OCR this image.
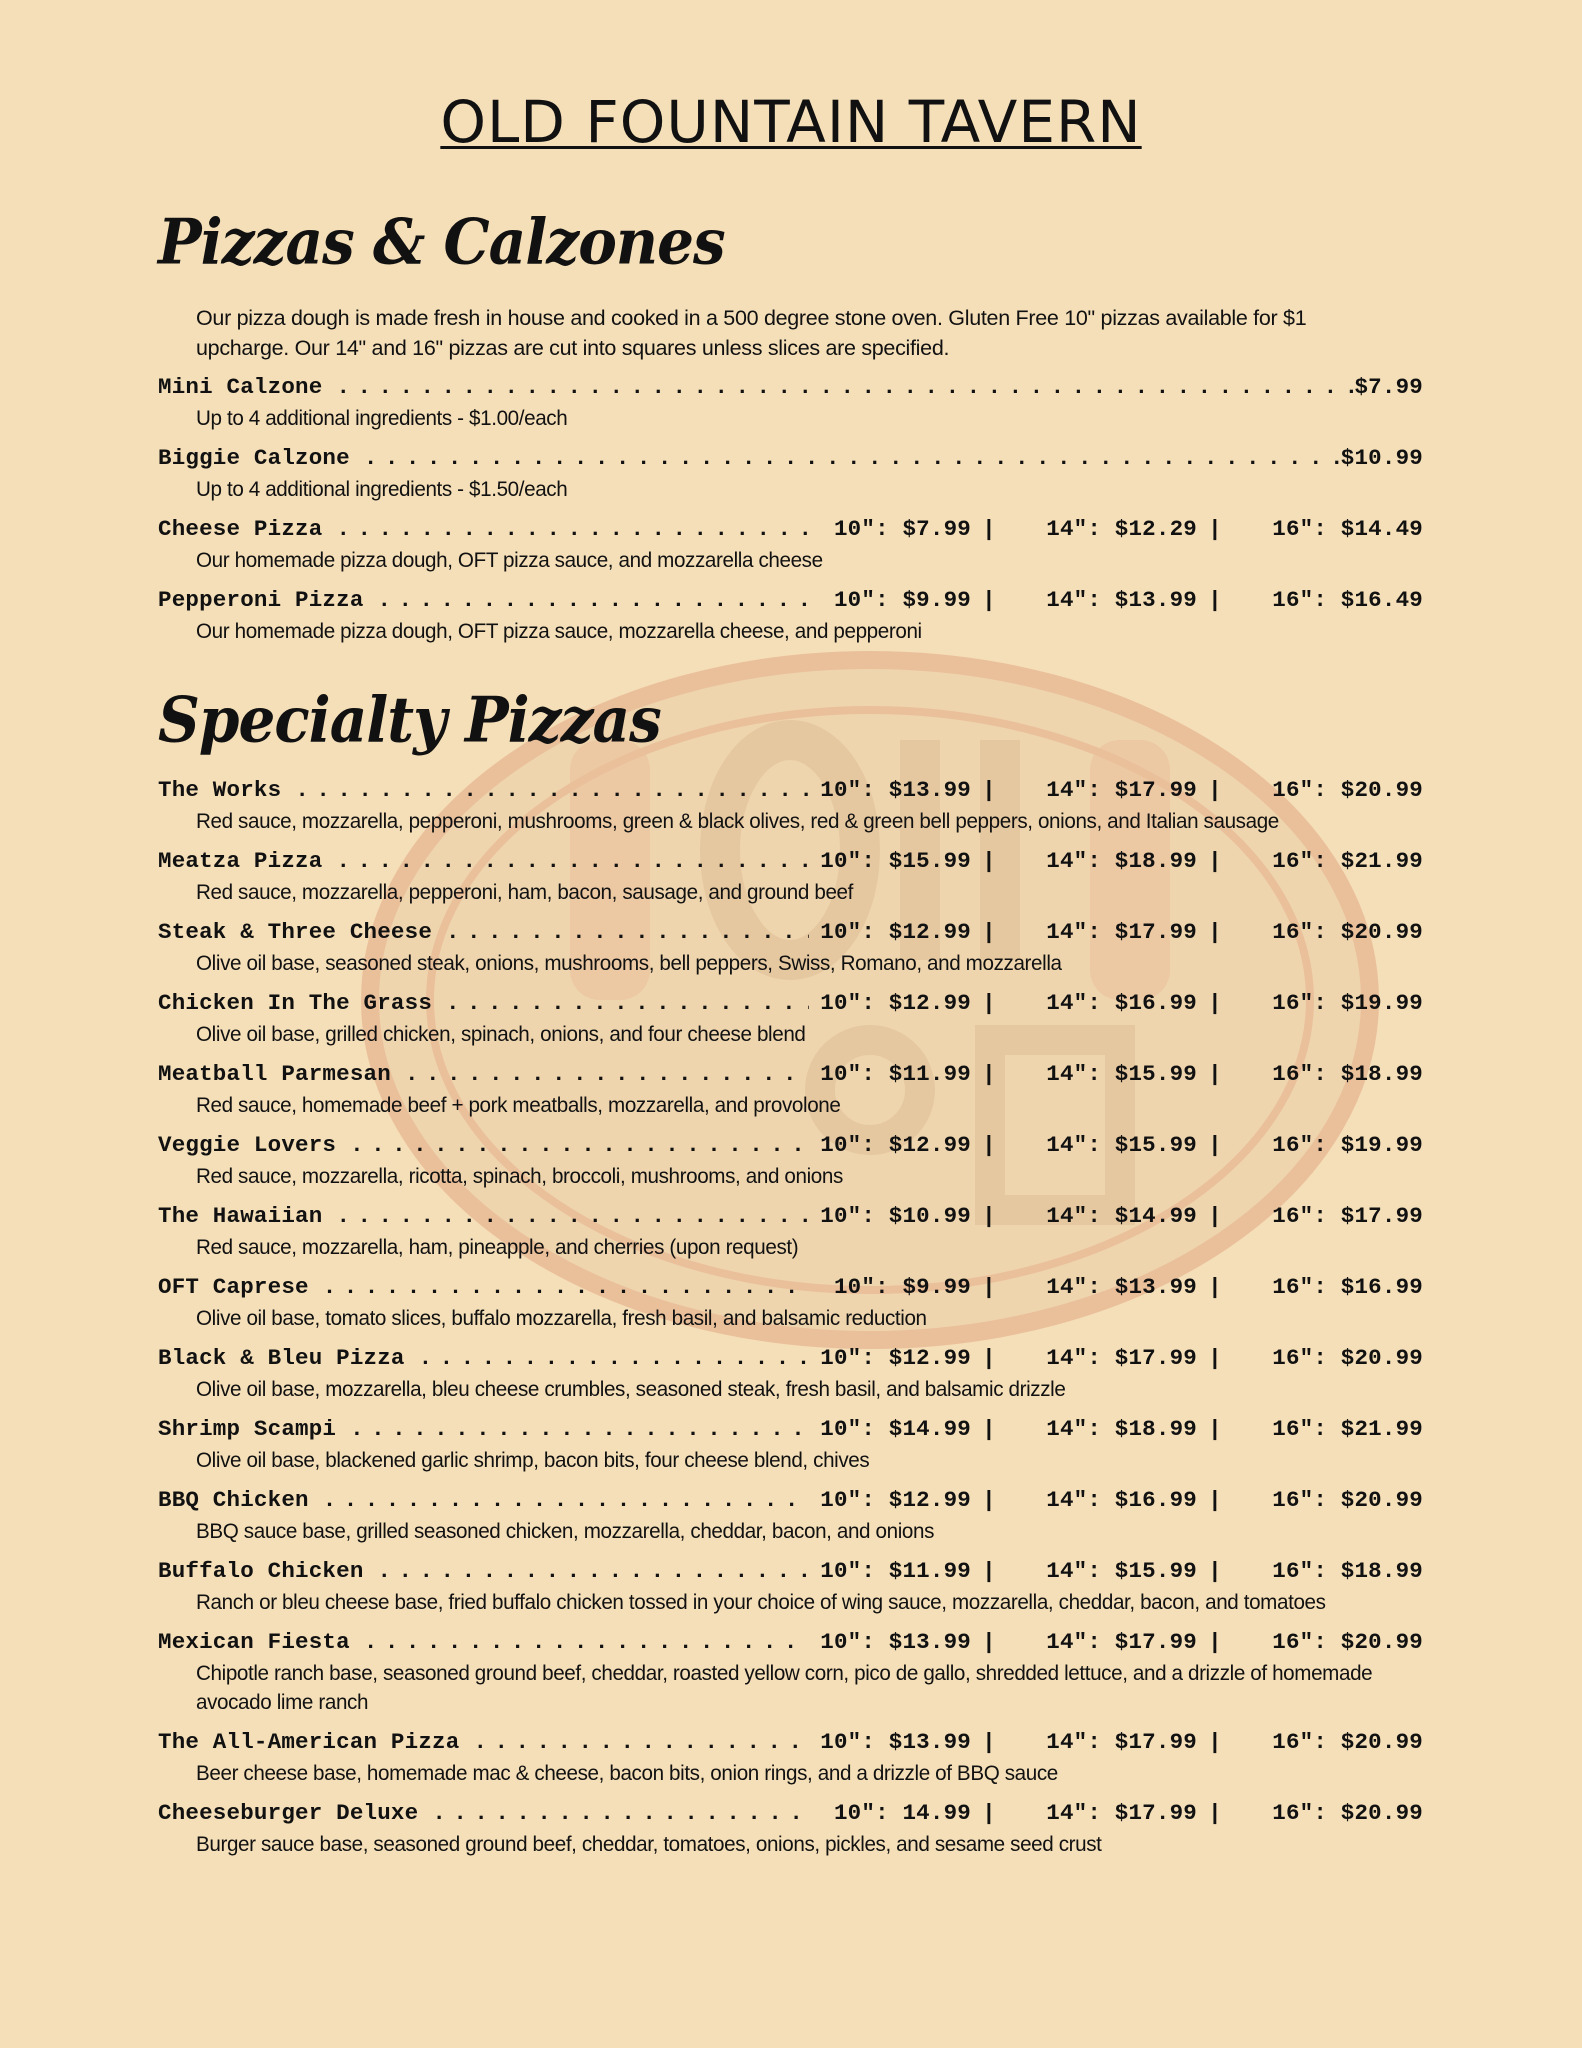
OLD FOUNTAIN TAVERN
Pizzas & Calzones

Our pizza dough is made fresh in house and cooked in a 500 degree stone oven. Gluten Free 10" pizzas available for $1 upcharge. Our 14" and 16" pizzas are cut into squares unless slices are specified.

Mini Calzone . . .	$7.99

Up to 4 additional ingredients - $1.00/each

Biggie Calzone . . .	$10.99

Up to 4 additional ingredients - $1.50/each

Cheese Pizza . . .	10": $7.99 | 14": $12.29 | 16": $14.49

Our homemade pizza dough, OFT pizza sauce, and mozzarella cheese

Pepperoni Pizza . . .	10": $9.99 | 14": $13.99 | 16": $16.49

Our homemade pizza dough, OFT pizza sauce, mozzarella cheese, and pepperoni

Specialty Pizzas
The Works . . .	10": $13.99 | 14": $17.99 | 16": $20.99

Red sauce, mozzarella, pepperoni, mushrooms, green & black olives, red & green bell peppers, onions, and Italian sausage

Meatza Pizza . . .	10": $15.99 | 14": $18.99 | 16": $21.99

Red sauce, mozzarella, pepperoni, ham, bacon, sausage, and ground beef

Steak & Three Cheese . . .	10": $12.99 | 14": $17.99 | 16": $20.99

Olive oil base, seasoned steak, onions, mushrooms, bell peppers, Swiss, Romano, and mozzarella

Chicken In The Grass . . .	10": $12.99 | 14": $16.99 | 16": $19.99

Olive oil base, grilled chicken, spinach, onions, and four cheese blend

Meatball Parmesan . . .	10": $11.99 | 14": $15.99 | 16": $18.99

Red sauce, homemade beef + pork meatballs, mozzarella, and provolone

Veggie Lovers . . .	10": $12.99 | 14": $15.99 | 16": $19.99

Red sauce, mozzarella, ricotta, spinach, broccoli, mushrooms, and onions

The Hawaiian . . .	10": $10.99 | 14": $14.99 | 16": $17.99

Red sauce, mozzarella, ham, pineapple, and cherries (upon request)

OFT Caprese . . .	10": $9.99 | 14": $13.99 | 16": $16.99

Olive oil base, tomato slices, buffalo mozzarella, fresh basil, and balsamic reduction

Black & Bleu Pizza . . .	10": $12.99 | 14": $17.99 | 16": $20.99

Olive oil base, mozzarella, bleu cheese crumbles, seasoned steak, fresh basil, and balsamic drizzle

Shrimp Scampi . . .	10": $14.99 | 14": $18.99 | 16": $21.99

Olive oil base, blackened garlic shrimp, bacon bits, four cheese blend, chives

BBQ Chicken . . .	10": $12.99 | 14": $16.99 | 16": $20.99

BBQ sauce base, grilled seasoned chicken, mozzarella, cheddar, bacon, and onions

Buffalo Chicken . . .	10": $11.99 | 14": $15.99 | 16": $18.99

Ranch or bleu cheese base, fried buffalo chicken tossed in your choice of wing sauce, mozzarella, cheddar, bacon, and tomatoes

Mexican Fiesta . . .	10": $13.99 | 14": $17.99 | 16": $20.99

Chipotle ranch base, seasoned ground beef, cheddar, roasted yellow corn, pico de gallo, shredded lettuce, and a drizzle of homemade avocado lime ranch

The All-American Pizza . . .	10": $13.99 | 14": $17.99 | 16": $20.99

Beer cheese base, homemade mac & cheese, bacon bits, onion rings, and a drizzle of BBQ sauce

Cheeseburger Deluxe . . .	10": 14.99 | 14": $17.99 | 16": $20.99

Burger sauce base, seasoned ground beef, cheddar, tomatoes, onions, pickles, and sesame seed crust
